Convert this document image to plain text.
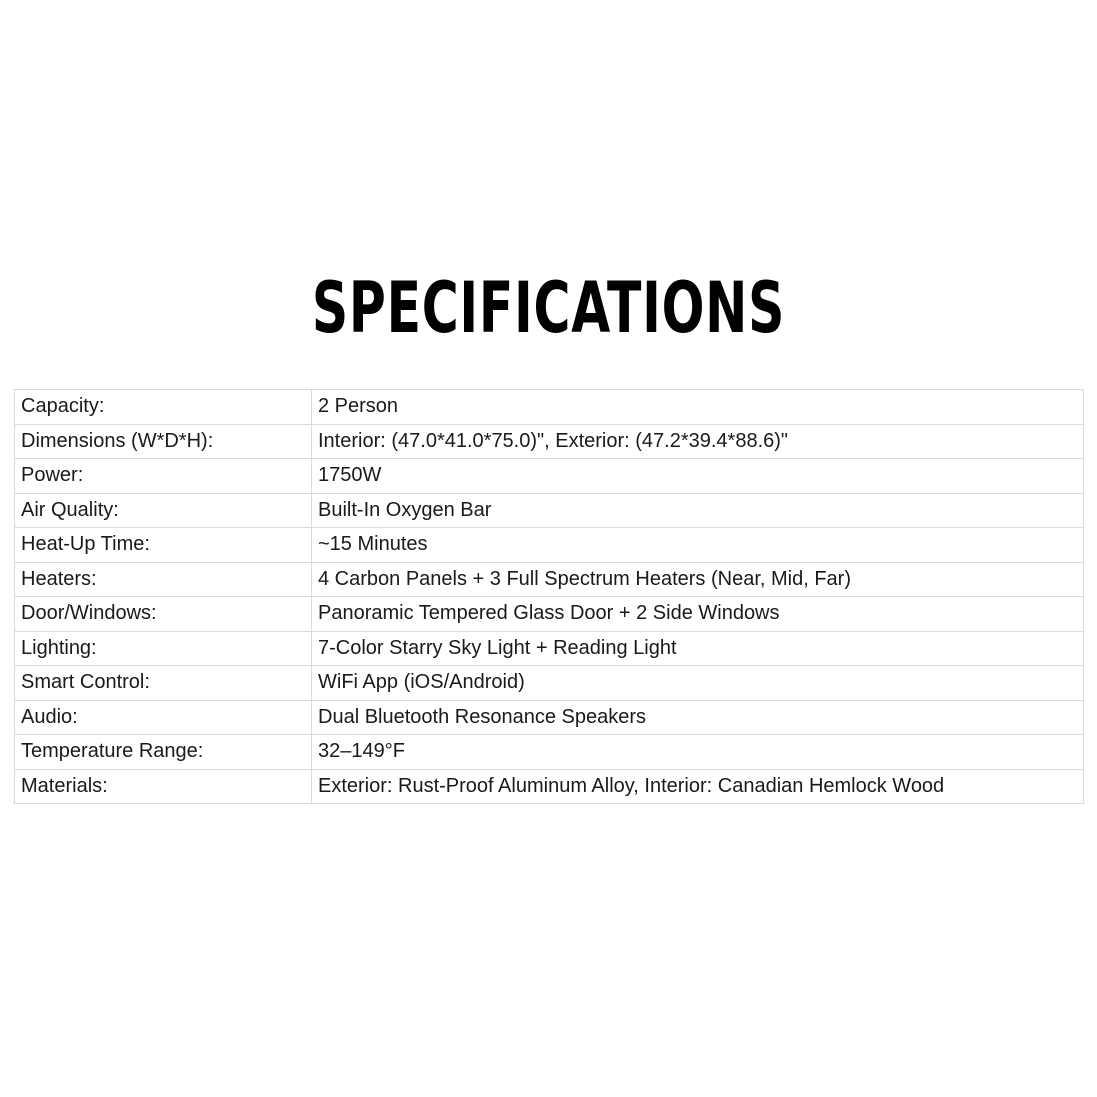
SPECIFICATIONS
Capacity:	2 Person
Dimensions (W*D*H):	Interior: (47.0*41.0*75.0)", Exterior: (47.2*39.4*88.6)"
Power:	1750W
Air Quality:	Built-In Oxygen Bar
Heat-Up Time:	~15 Minutes
Heaters:	4 Carbon Panels + 3 Full Spectrum Heaters (Near, Mid, Far)
Door/Windows:	Panoramic Tempered Glass Door + 2 Side Windows
Lighting:	7-Color Starry Sky Light + Reading Light
Smart Control:	WiFi App (iOS/Android)
Audio:	Dual Bluetooth Resonance Speakers
Temperature Range:	32–149°F
Materials:	Exterior: Rust-Proof Aluminum Alloy, Interior: Canadian Hemlock Wood
